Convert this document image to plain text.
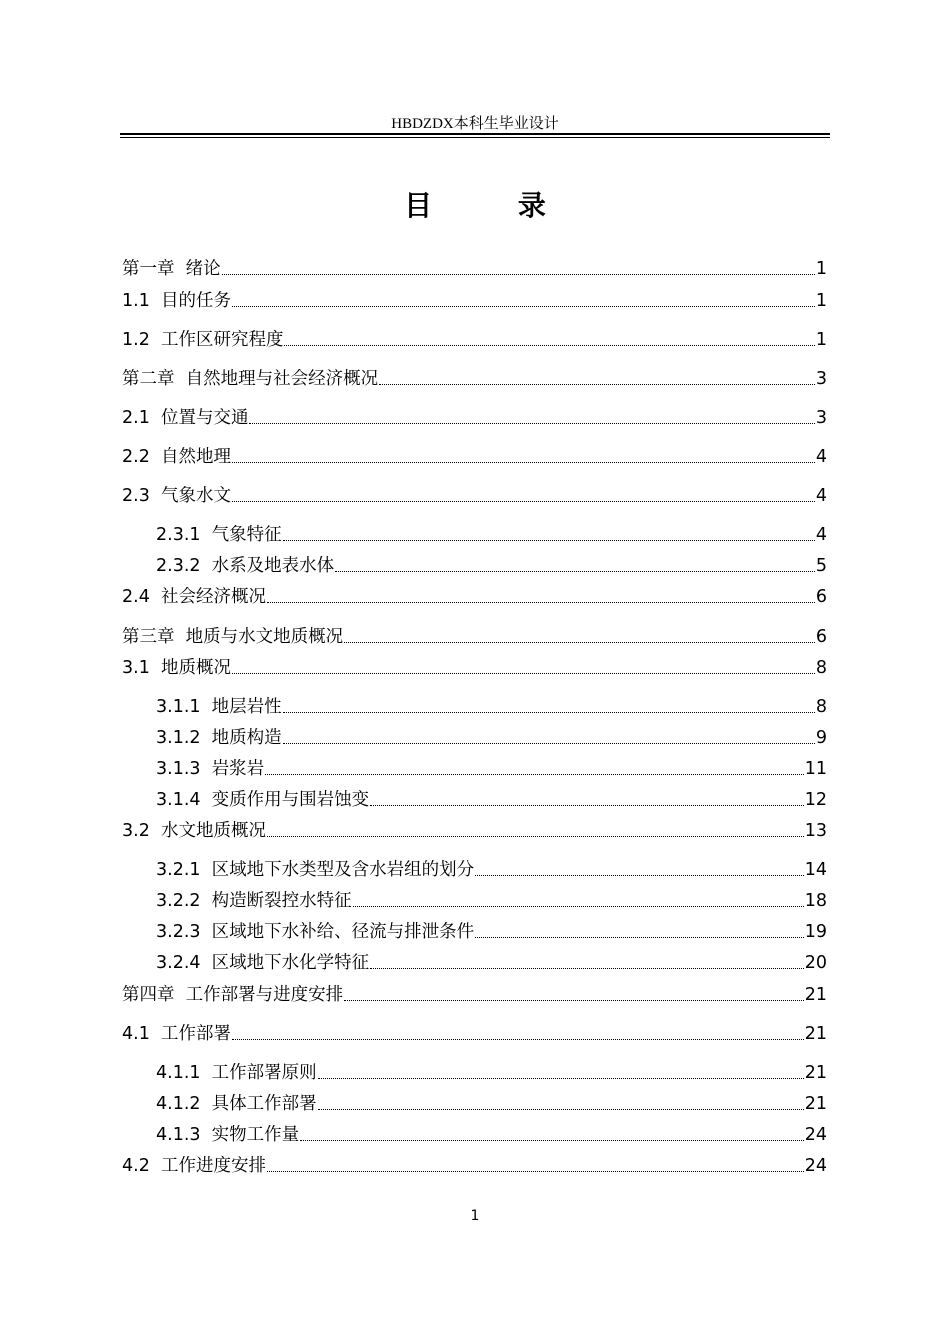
HBDZDX本科生毕业设计
目 录
第一章  绪论	1
1.1  目的任务	1
1.2  工作区研究程度	1
第二章  自然地理与社会经济概况	3
2.1  位置与交通	3
2.2  自然地理	4
2.3  气象水文	4
2.3.1  气象特征	4
2.3.2  水系及地表水体	5
2.4  社会经济概况	6
第三章  地质与水文地质概况	6
3.1  地质概况	8
3.1.1  地层岩性	8
3.1.2  地质构造	9
3.1.3  岩浆岩	11
3.1.4  变质作用与围岩蚀变	12
3.2  水文地质概况	13
3.2.1  区域地下水类型及含水岩组的划分	14
3.2.2  构造断裂控水特征	18
3.2.3  区域地下水补给、径流与排泄条件	19
3.2.4  区域地下水化学特征	20
第四章  工作部署与进度安排	21
4.1  工作部署	21
4.1.1  工作部署原则	21
4.1.2  具体工作部署	21
4.1.3  实物工作量	24
4.2  工作进度安排	24
1
